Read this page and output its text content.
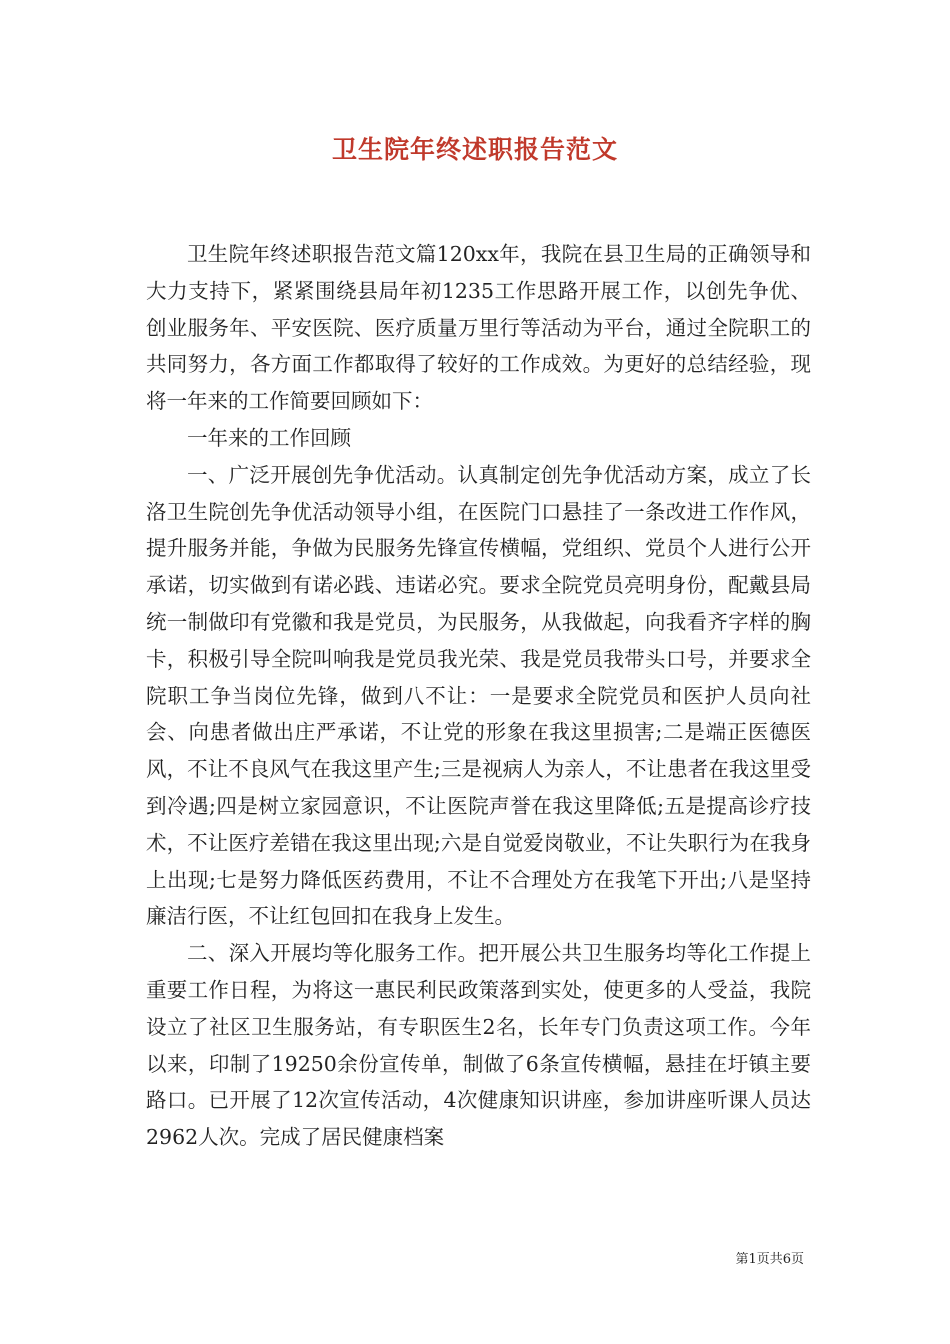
卫生院年终述职报告范文

卫生院年终述职报告范文篇120xx年，我院在县卫生局的正确领导和大力支持下，紧紧围绕县局年初1235工作思路开展工作，以创先争优、创业服务年、平安医院、医疗质量万里行等活动为平台，通过全院职工的共同努力，各方面工作都取得了较好的工作成效。为更好的总结经验，现将一年来的工作简要回顾如下：

一年来的工作回顾

一、广泛开展创先争优活动。认真制定创先争优活动方案，成立了长洛卫生院创先争优活动领导小组，在医院门口悬挂了一条改进工作作风，提升服务并能，争做为民服务先锋宣传横幅，党组织、党员个人进行公开承诺，切实做到有诺必践、违诺必究。要求全院党员亮明身份，配戴县局统一制做印有党徽和我是党员，为民服务，从我做起，向我看齐字样的胸卡，积极引导全院叫响我是党员我光荣、我是党员我带头口号，并要求全院职工争当岗位先锋，做到八不让：一是要求全院党员和医护人员向社会、向患者做出庄严承诺，不让党的形象在我这里损害;二是端正医德医风，不让不良风气在我这里产生;三是视病人为亲人，不让患者在我这里受到冷遇;四是树立家园意识，不让医院声誉在我这里降低;五是提高诊疗技术，不让医疗差错在我这里出现;六是自觉爱岗敬业，不让失职行为在我身上出现;七是努力降低医药费用，不让不合理处方在我笔下开出;八是坚持廉洁行医，不让红包回扣在我身上发生。

二、深入开展均等化服务工作。把开展公共卫生服务均等化工作提上重要工作日程，为将这一惠民利民政策落到实处，使更多的人受益，我院设立了社区卫生服务站，有专职医生2名，长年专门负责这项工作。今年以来，印制了19250余份宣传单，制做了6条宣传横幅，悬挂在圩镇主要路口。已开展了12次宣传活动，4次健康知识讲座，参加讲座听课人员达2962人次。完成了居民健康档案

第1页共6页
